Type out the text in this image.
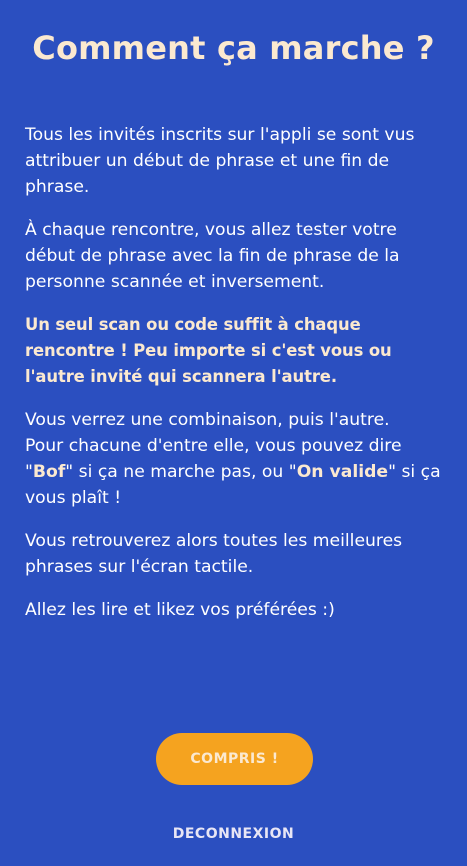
Comment ça marche ?

Tous les invités inscrits sur l'appli se sont vus attribuer un début de phrase et une fin de phrase.

À chaque rencontre, vous allez tester votre début de phrase avec la fin de phrase de la personne scannée et inversement.

Un seul scan ou code suffit à chaque rencontre ! Peu importe si c'est vous ou l'autre invité qui scannera l'autre.

Vous verrez une combinaison, puis l'autre.
Pour chacune d'entre elle, vous pouvez dire "Bof" si ça ne marche pas, ou "On valide" si ça vous plaît !

Vous retrouverez alors toutes les meilleures phrases sur l'écran tactile.

Allez les lire et likez vos préférées :)

COMPRIS !
DECONNEXION
